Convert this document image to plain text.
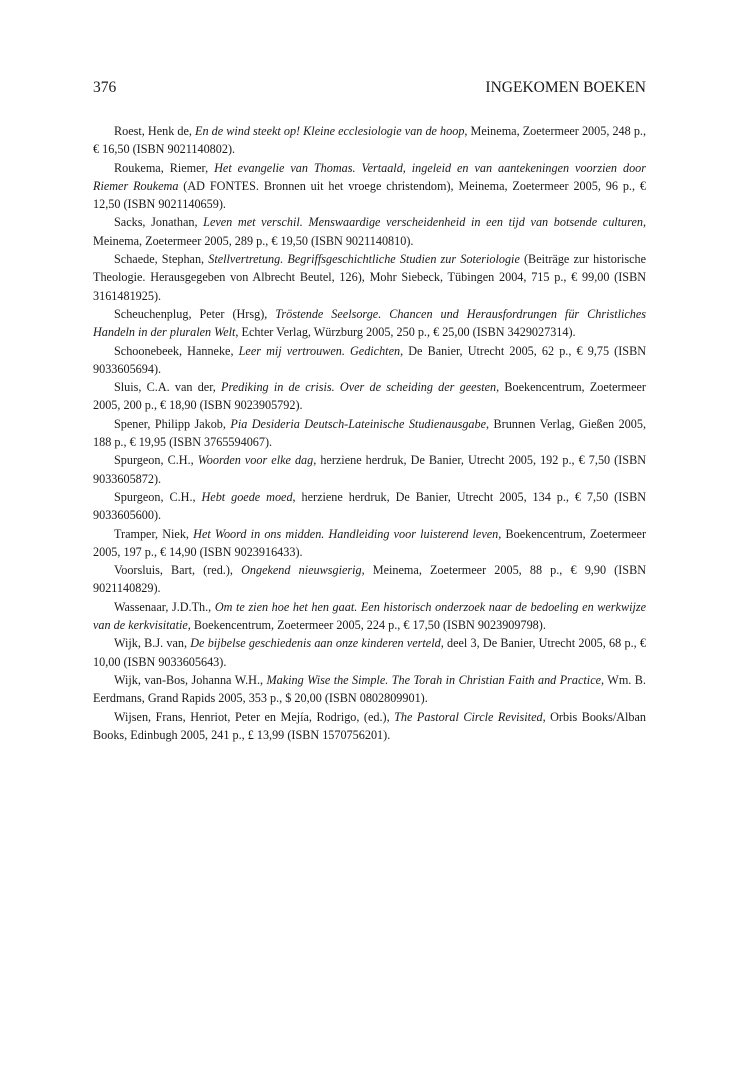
376	INGEKOMEN BOEKEN

Roest, Henk de, En de wind steekt op! Kleine ecclesiologie van de hoop, Meinema, Zoetermeer 2005, 248 p., € 16,50 (ISBN 9021140802).

Roukema, Riemer, Het evangelie van Thomas. Vertaald, ingeleid en van aantekeningen voorzien door Riemer Roukema (AD FONTES. Bronnen uit het vroege christendom), Meinema, Zoetermeer 2005, 96 p., € 12,50 (ISBN 9021140659).

Sacks, Jonathan, Leven met verschil. Menswaardige verscheidenheid in een tijd van botsende culturen, Meinema, Zoetermeer 2005, 289 p., € 19,50 (ISBN 9021140810).

Schaede, Stephan, Stellvertretung. Begriffsgeschichtliche Studien zur Soteriologie (Beiträge zur historische Theologie. Herausgegeben von Albrecht Beutel, 126), Mohr Siebeck, Tübingen 2004, 715 p., € 99,00 (ISBN 3161481925).

Scheuchenplug, Peter (Hrsg), Tröstende Seelsorge. Chancen und Herausfordrungen für Christliches Handeln in der pluralen Welt, Echter Verlag, Würzburg 2005, 250 p., € 25,00 (ISBN 3429027314).

Schoonebeek, Hanneke, Leer mij vertrouwen. Gedichten, De Banier, Utrecht 2005, 62 p., € 9,75 (ISBN 9033605694).

Sluis, C.A. van der, Prediking in de crisis. Over de scheiding der geesten, Boekencentrum, Zoetermeer 2005, 200 p., € 18,90 (ISBN 9023905792).

Spener, Philipp Jakob, Pia Desideria Deutsch-Lateinische Studienausgabe, Brunnen Verlag, Gießen 2005, 188 p., € 19,95 (ISBN 3765594067).

Spurgeon, C.H., Woorden voor elke dag, herziene herdruk, De Banier, Utrecht 2005, 192 p., € 7,50 (ISBN 9033605872).

Spurgeon, C.H., Hebt goede moed, herziene herdruk, De Banier, Utrecht 2005, 134 p., € 7,50 (ISBN 9033605600).

Tramper, Niek, Het Woord in ons midden. Handleiding voor luisterend leven, Boekencentrum, Zoetermeer 2005, 197 p., € 14,90 (ISBN 9023916433).

Voorsluis, Bart, (red.), Ongekend nieuwsgierig, Meinema, Zoetermeer 2005, 88 p., € 9,90 (ISBN 9021140829).

Wassenaar, J.D.Th., Om te zien hoe het hen gaat. Een historisch onderzoek naar de bedoeling en werkwijze van de kerkvisitatie, Boekencentrum, Zoetermeer 2005, 224 p., € 17,50 (ISBN 9023909798).

Wijk, B.J. van, De bijbelse geschiedenis aan onze kinderen verteld, deel 3, De Banier, Utrecht 2005, 68 p., € 10,00 (ISBN 9033605643).

Wijk, van-Bos, Johanna W.H., Making Wise the Simple. The Torah in Christian Faith and Practice, Wm. B. Eerdmans, Grand Rapids 2005, 353 p., $ 20,00 (ISBN 0802809901).

Wijsen, Frans, Henriot, Peter en Mejía, Rodrigo, (ed.), The Pastoral Circle Revisited, Orbis Books/Alban Books, Edinbugh 2005, 241 p., £ 13,99 (ISBN 1570756201).
